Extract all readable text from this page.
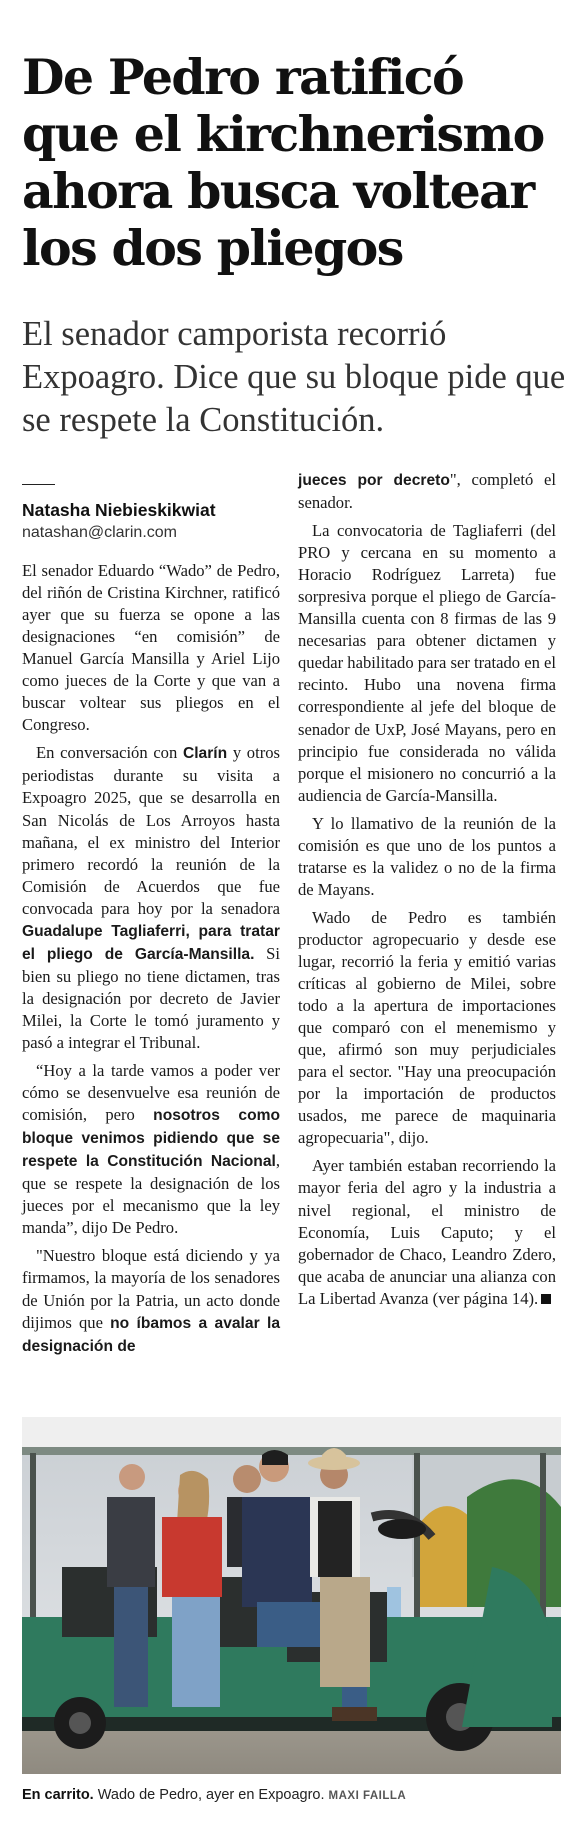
De Pedro ratificó que el kirchnerismo ahora busca voltear los dos pliegos
El senador camporista recorrió Expoagro. Dice que su bloque pide que se respete la Constitución.
Natasha Niebieskikwiat
natashan@clarin.com

El senador Eduardo “Wado” de Pedro, del riñón de Cristina Kirchner, ratificó ayer que su fuerza se opone a las designaciones “en comisión” de Manuel García Mansilla y Ariel Lijo como jueces de la Corte y que van a buscar voltear sus pliegos en el Congreso.

En conversación con Clarín y otros periodistas durante su visita a Expoagro 2025, que se desarrolla en San Nicolás de Los Arroyos hasta mañana, el ex ministro del Interior primero recordó la reunión de la Comisión de Acuerdos que fue convocada para hoy por la senadora Guadalupe Tagliaferri, para tratar el pliego de García-Mansilla. Si bien su pliego no tiene dictamen, tras la designación por decreto de Javier Milei, la Corte le tomó juramento y pasó a integrar el Tribunal.

“Hoy a la tarde vamos a poder ver cómo se desenvuelve esa reunión de comisión, pero nosotros como bloque venimos pidiendo que se respete la Constitución Nacional, que se respete la designación de los jueces por el mecanismo que la ley manda”, dijo De Pedro.

"Nuestro bloque está diciendo y ya firmamos, la mayoría de los senadores de Unión por la Patria, un acto donde dijimos que no íbamos a avalar la designación de

jueces por decreto", completó el senador.

La convocatoria de Tagliaferri (del PRO y cercana en su momento a Horacio Rodríguez Larreta) fue sorpresiva porque el pliego de García-Mansilla cuenta con 8 firmas de las 9 necesarias para obtener dictamen y quedar habilitado para ser tratado en el recinto. Hubo una novena firma correspondiente al jefe del bloque de senador de UxP, José Mayans, pero en principio fue considerada no válida porque el misionero no concurrió a la audiencia de García-Mansilla.

Y lo llamativo de la reunión de la comisión es que uno de los puntos a tratarse es la validez o no de la firma de Mayans.

Wado de Pedro es también productor agropecuario y desde ese lugar, recorrió la feria y emitió varias críticas al gobierno de Milei, sobre todo a la apertura de importaciones que comparó con el menemismo y que, afirmó son muy perjudiciales para el sector. "Hay una preocupación por la importación de productos usados, me parece de maquinaria agropecuaria", dijo.

Ayer también estaban recorriendo la mayor feria del agro y la industria a nivel regional, el ministro de Economía, Luis Caputo; y el gobernador de Chaco, Leandro Zdero, que acaba de anunciar una alianza con La Libertad Avanza (ver página 14).

En carrito. Wado de Pedro, ayer en Expoagro. MAXI FAILLA
